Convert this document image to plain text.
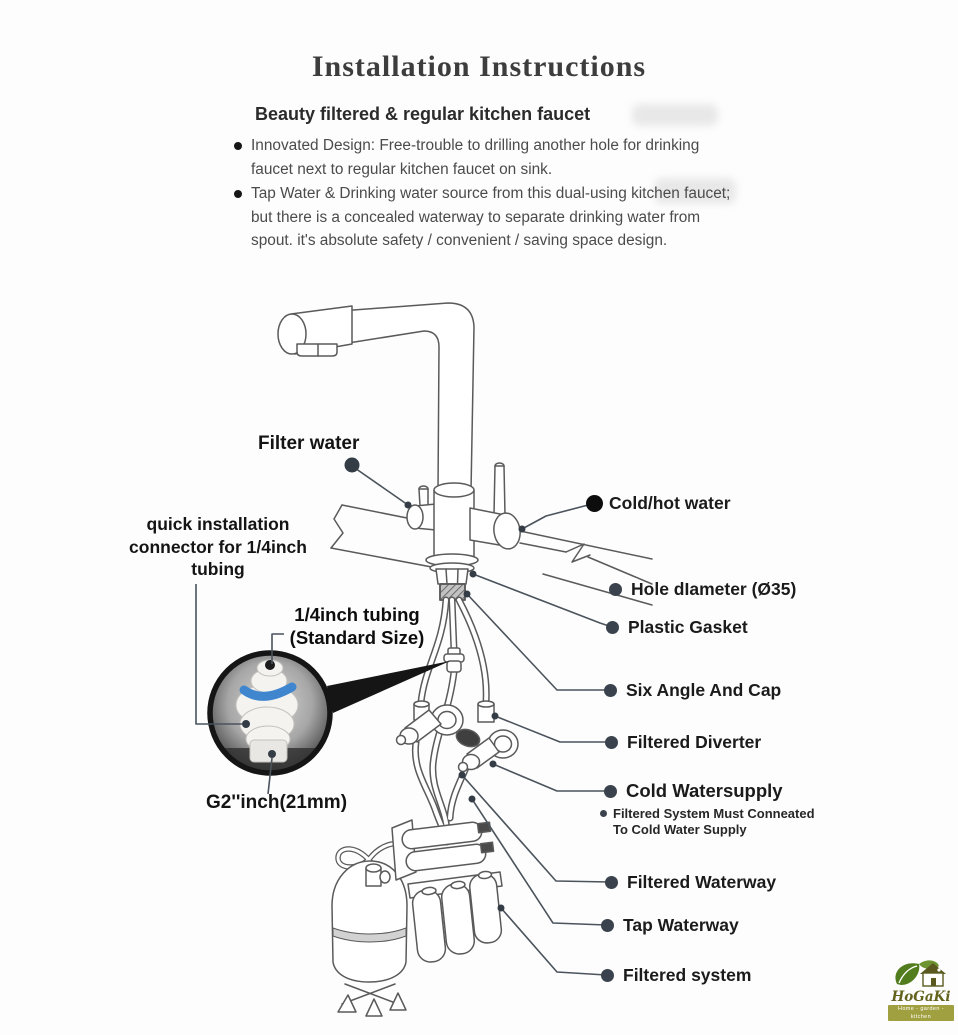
Installation Instructions
Beauty filtered & regular kitchen faucet
Innovated Design: Free-trouble to drilling another hole for drinking faucet next to regular kitchen faucet on sink.
Tap Water & Drinking water source from this dual-using kitchen faucet; but there is a concealed waterway to separate drinking water from spout. it's absolute safety / convenient / saving space design.
Filter water
quick installation connector for 1/4inch tubing
1/4inch tubing
(Standard Size)
G2''inch(21mm)
Cold/hot water
Hole dIameter (Ø35)
Plastic Gasket
Six Angle And Cap
Filtered Diverter
Cold Watersupply
Filtered System Must Conneated
To Cold Water Supply
Filtered Waterway
Tap Waterway
Filtered system
HoGaKi
Home - garden - kitchen
